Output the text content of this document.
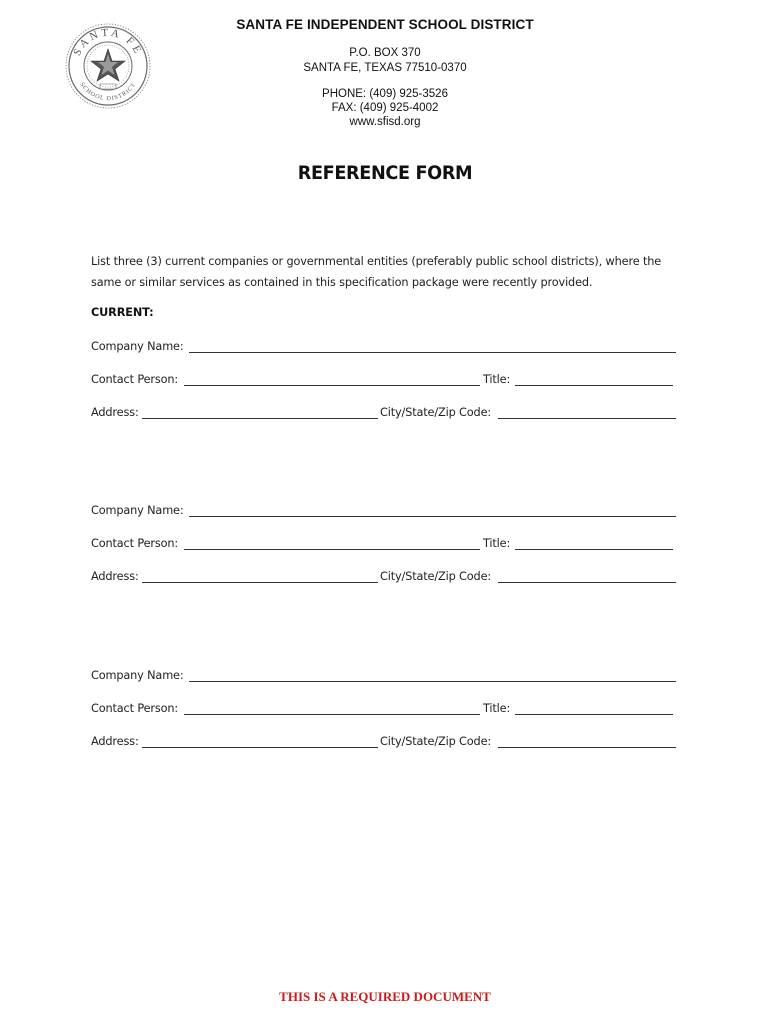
SANTA FE
SCHOOL DISTRICT
SANTA FE INDEPENDENT SCHOOL DISTRICT
P.O. BOX 370
SANTA FE, TEXAS 77510-0370
PHONE: (409) 925-3526
FAX: (409) 925-4002
www.sfisd.org
REFERENCE FORM
List three (3) current companies or governmental entities (preferably public school districts), where the same or similar services as contained in this specification package were recently provided.
CURRENT:
Company Name:
Contact Person:	Title:
Address:	City/State/Zip Code:
Company Name:
Contact Person:	Title:
Address:	City/State/Zip Code:
Company Name:
Contact Person:	Title:
Address:	City/State/Zip Code:
THIS IS A REQUIRED DOCUMENT
